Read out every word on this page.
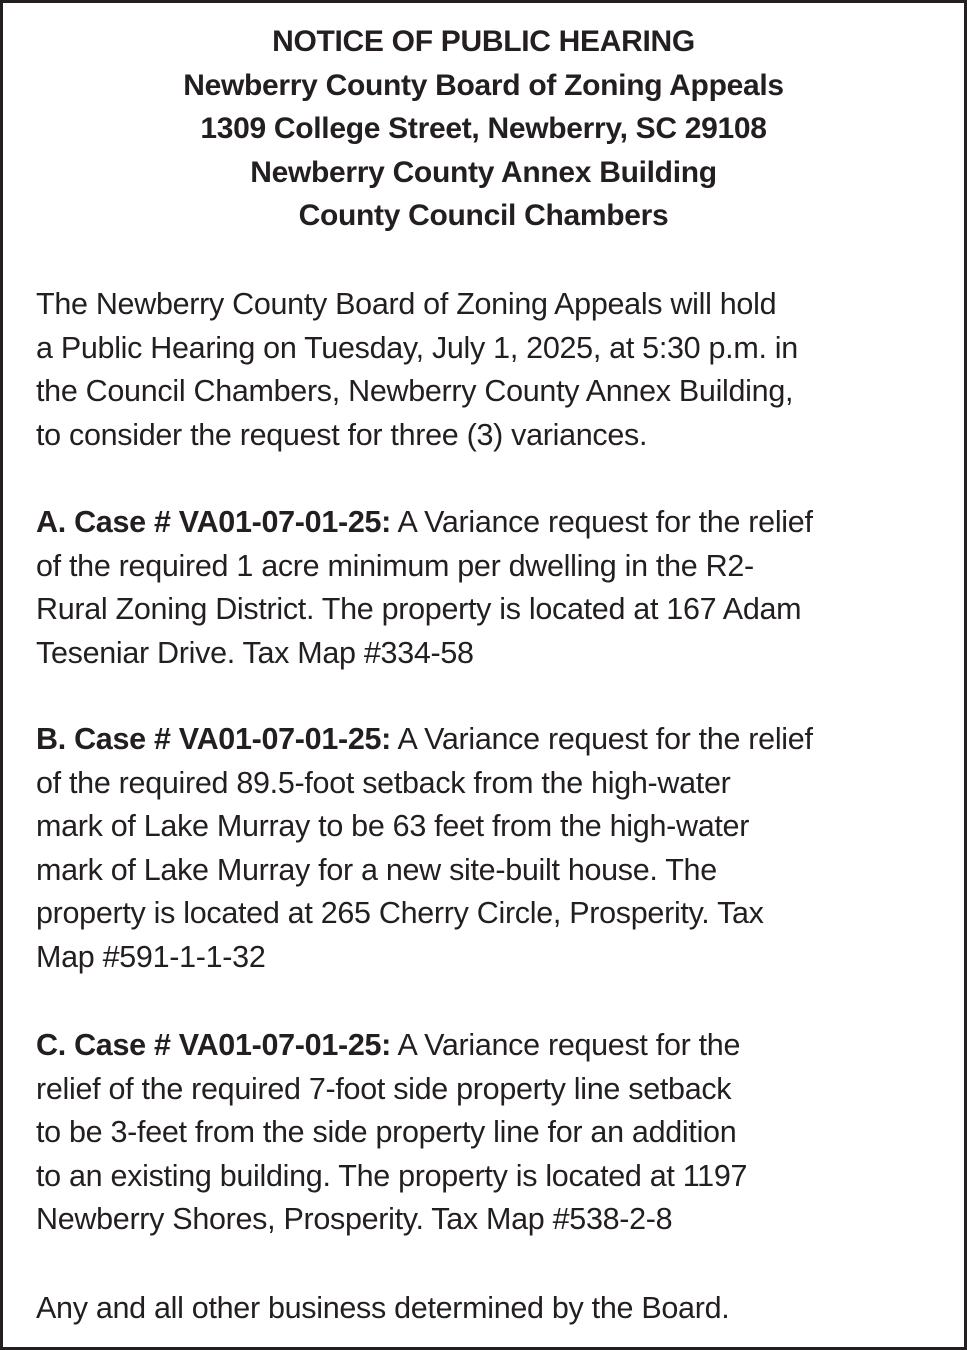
NOTICE OF PUBLIC HEARING
Newberry County Board of Zoning Appeals
1309 College Street, Newberry, SC 29108
Newberry County Annex Building
County Council Chambers
The Newberry County Board of Zoning Appeals will hold
a Public Hearing on Tuesday, July 1, 2025, at 5:30 p.m. in
the Council Chambers, Newberry County Annex Building,
to consider the request for three (3) variances.
A. Case # VA01-07-01-25: A Variance request for the relief
of the required 1 acre minimum per dwelling in the R2-
Rural Zoning District. The property is located at 167 Adam
Teseniar Drive. Tax Map #334-58
B. Case # VA01-07-01-25: A Variance request for the relief
of the required 89.5-foot setback from the high-water
mark of Lake Murray to be 63 feet from the high-water
mark of Lake Murray for a new site-built house. The
property is located at 265 Cherry Circle, Prosperity. Tax
Map #591-1-1-32
C. Case # VA01-07-01-25: A Variance request for the
relief of the required 7-foot side property line setback
to be 3-feet from the side property line for an addition
to an existing building. The property is located at 1197
Newberry Shores, Prosperity. Tax Map #538-2-8
Any and all other business determined by the Board.
